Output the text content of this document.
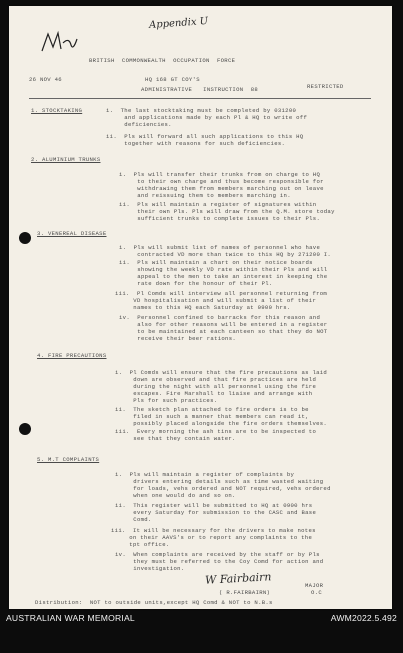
Appendix U
BRITISH  COMMONWEALTH  OCCUPATION  FORCE
26 NOV 46	HQ 168 GT COY'S
RESTRICTED
ADMINISTRATIVE   INSTRUCTION  88
1. STOCKTAKING	i.  The last stocktaking must be completed by 031200
and applications made by each Pl & HQ to write off
deficiencies.
ii.  Pls will forward all such applications to this HQ
together with reasons for such deficiencies.
2. ALUMINIUM TRUNKS
i.  Pls will transfer their trunks from on charge to HQ
to their own charge and thus become responsible for
withdrawing them from members marching out on leave
and reissuing them to members marching in.
ii.  Pls will maintain a register of signatures within
their own Pls. Pls will draw from the Q.M. store today
sufficient trunks to complete issues to their Pls.
3. VENEREAL DISEASE
i.  Pls will submit list of names of personnel who have
contracted VD more than twice to this HQ by 271200 I.
ii.  Pls will maintain a chart on their notice boards
showing the weekly VD rate within their Pls and will
appeal to the men to take an interest in keeping the
rate down for the honour of their Pl.
iii.  Pl Comds will interview all personnel returning from
VD hospitalisation and will submit a list of their
names to this HQ each Saturday at 0900 hrs.
iv.  Personnel confined to barracks for this reason and
also for other reasons will be entered in a register
to be maintained at each canteen so that they do NOT
receive their beer rations.
4. FIRE PRECAUTIONS
i.  Pl Comds will ensure that the fire precautions as laid
down are observed and that fire practices are held
during the night with all personnel using the fire
escapes. Fire Marshall to liaise and arrange with
Pls for such practices.
ii.  The sketch plan attached to fire orders is to be
filed in such a manner that members can read it,
possibly placed alongside the fire orders themselves.
iii.  Every morning the ash tins are to be inspected to
see that they contain water.
5. M.T COMPLAINTS
i.  Pls will maintain a register of complaints by
drivers entering details such as time wasted waiting
for loads, vehs ordered and NOT required, vehs ordered
when one would do and so on.
ii.  This register will be submitted to HQ at 0900 hrs
every Saturday for submission to the CASC and Base
Comd.
iii.  It will be necessary for the drivers to make notes
on their AAVS's or to report any complaints to the
tpt office.
iv.  When complaints are received by the staff or by Pls
they must be referred to the Coy Comd for action and
investigation.
W Fairbairn	MAJOR
( R.FAIRBAIRN)	O.C
Distribution:  NOT to outside units,except HQ Comd & NOT to N.B.s
AUSTRALIAN WAR MEMORIAL	AWM2022.5.492
